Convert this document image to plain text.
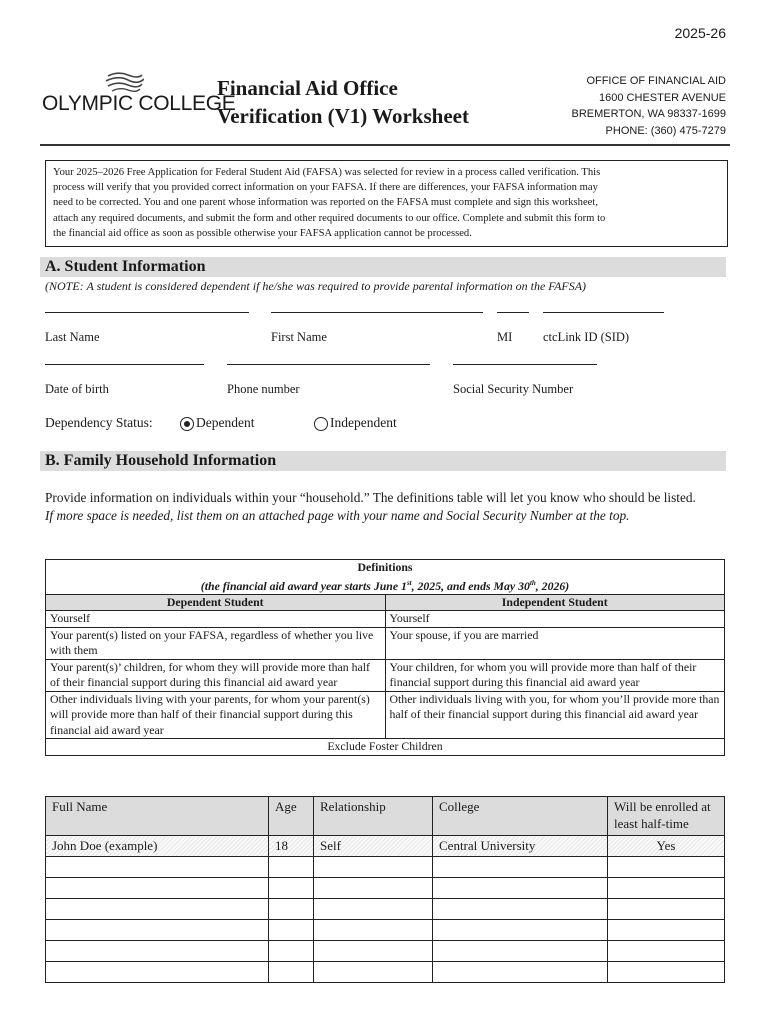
2025-26
OLYMPIC COLLEGE
Financial Aid Office
Verification (V1) Worksheet
OFFICE OF FINANCIAL AID
1600 CHESTER AVENUE
BREMERTON, WA 98337-1699
PHONE: (360) 475-7279
Your 2025–2026 Free Application for Federal Student Aid (FAFSA) was selected for review in a process called verification. This
process will verify that you provided correct information on your FAFSA. If there are differences, your FAFSA information may
need to be corrected. You and one parent whose information was reported on the FAFSA must complete and sign this worksheet,
attach any required documents, and submit the form and other required documents to our office. Complete and submit this form to
the financial aid office as soon as possible otherwise your FAFSA application cannot be processed.
A. Student Information
(NOTE: A student is considered dependent if he/she was required to provide parental information on the FAFSA)
Last Name	First Name	MI ctcLink ID (SID)
Date of birth	Phone number	Social Security Number
Dependency Status:	Dependent	Independent
B. Family Household Information
Provide information on individuals within your “household.” The definitions table will let you know who should be listed. If more space is needed, list them on an attached page with your name and Social Security Number at the top.
Definitions
(the financial aid award year starts June 1st, 2025, and ends May 30th, 2026)	

Dependent Student	Independent Student
Yourself	Yourself
Your parent(s) listed on your FAFSA, regardless of whether you live with them	Your spouse, if you are married
Your parent(s)’ children, for whom they will provide more than half of their financial support during this financial aid award year	Your children, for whom you will provide more than half of their financial support during this financial aid award year
Other individuals living with your parents, for whom your parent(s) will provide more than half of their financial support during this financial aid award year	Other individuals living with you, for whom you’ll provide more than half of their financial support during this financial aid award year
Exclude Foster Children	
Full Name	Age	Relationship	College	Will be enrolled at least half-time
John Doe (example)	18	Self	Central University	Yes
